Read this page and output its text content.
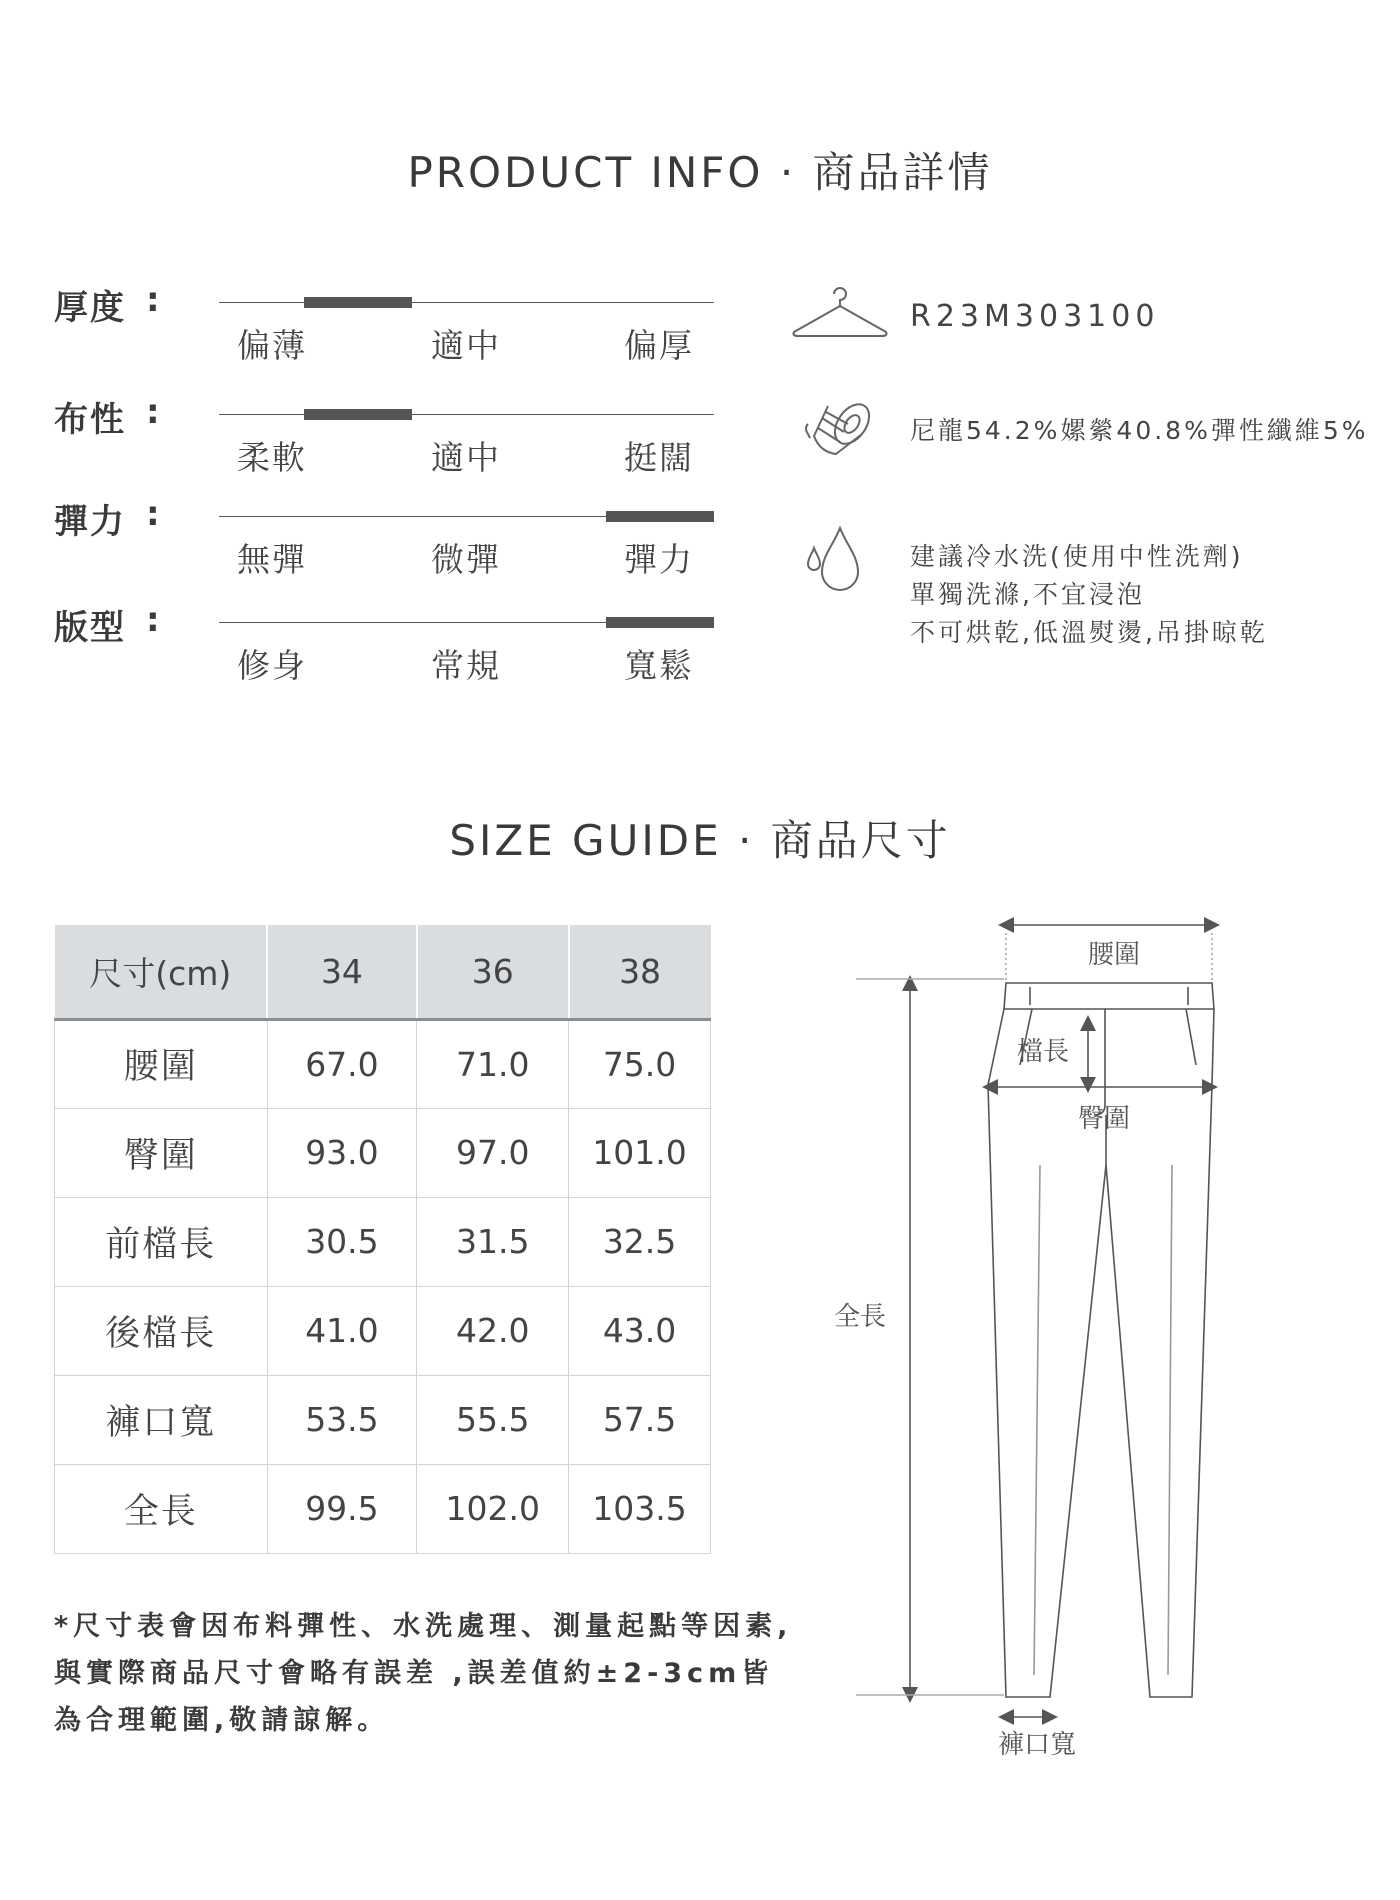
PRODUCT INFO · 商品詳情
厚度 :
偏薄	適中	偏厚
布性 :
柔軟	適中	挺闊
彈力 :
無彈	微彈	彈力
版型 :
修身	常規	寬鬆
R23M303100
尼龍54.2%嫘縈40.8%彈性纖維5%
建議冷水洗(使用中性洗劑)
單獨洗滌,不宜浸泡
不可烘乾,低溫熨燙,吊掛晾乾
SIZE GUIDE · 商品尺寸
尺寸(cm)	34	36	38
腰圍	67.0	71.0	75.0
臀圍	93.0	97.0	101.0
前檔長	30.5	31.5	32.5
後檔長	41.0	42.0	43.0
褲口寬	53.5	55.5	57.5
全長	99.5	102.0	103.5
*尺寸表會因布料彈性、水洗處理、測量起點等因素,
與實際商品尺寸會略有誤差 ,誤差值約±2-3cm皆
為合理範圍,敬請諒解。
腰圍
檔長
臀圍
全長
褲口寬
